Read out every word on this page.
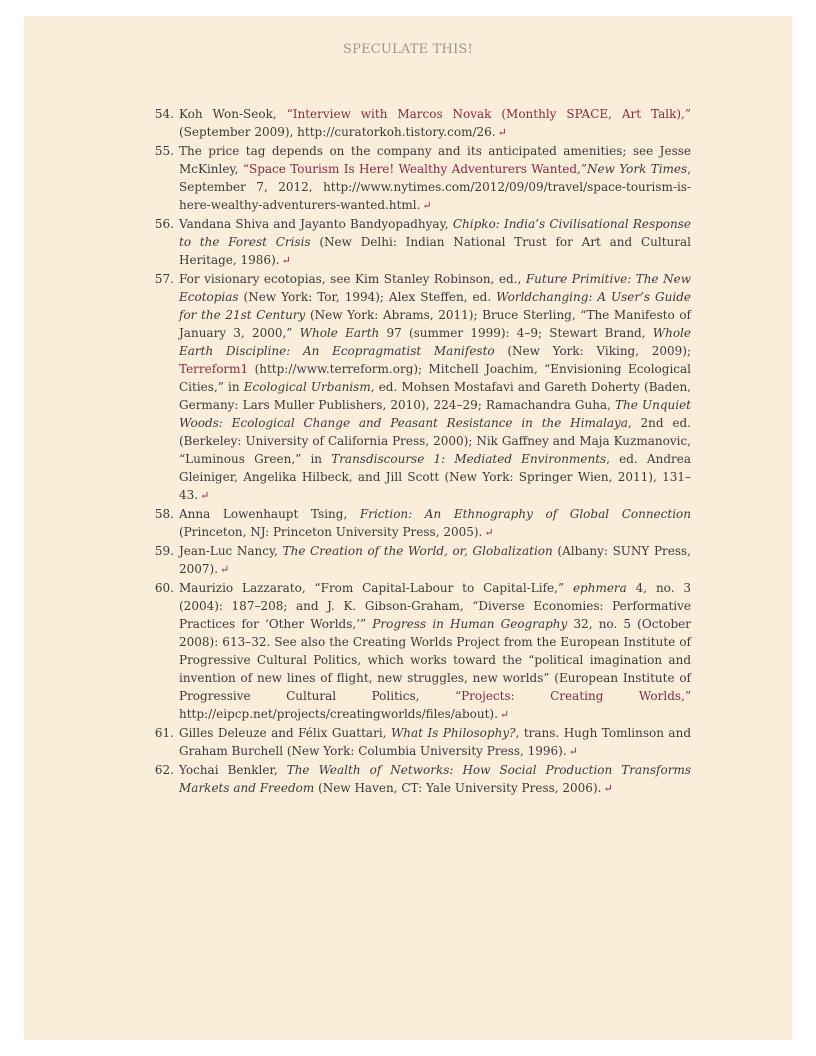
SPECULATE THIS!
54. Koh Won-Seok, “Interview with Marcos Novak (Monthly SPACE, Art Talk),” (September 2009), http://curatorkoh.tistory.com/26. ↵
55. The price tag depends on the company and its anticipated amenities; see Jesse McKinley, “Space Tourism Is Here! Wealthy Adventurers Wanted,”New York Times, September 7, 2012, http://www.nytimes.com/2012/09/09/travel/space-tourism-is-here-wealthy-adventurers-wanted.html. ↵
56. Vandana Shiva and Jayanto Bandyopadhyay, Chipko: India’s Civilisational Response to the Forest Crisis (New Delhi: Indian National Trust for Art and Cultural Heritage, 1986). ↵
57. For visionary ecotopias, see Kim Stanley Robinson, ed., Future Primitive: The New Ecotopias (New York: Tor, 1994); Alex Steffen, ed. Worldchanging: A User’s Guide for the 21st Century (New York: Abrams, 2011); Bruce Sterling, “The Manifesto of January 3, 2000,” Whole Earth 97 (summer 1999): 4–9; Stewart Brand, Whole Earth Discipline: An Ecopragmatist Manifesto (New York: Viking, 2009); Terreform1 (http://www.terreform.org); Mitchell Joachim, “Envisioning Ecological Cities,” in Ecological Urbanism, ed. Mohsen Mostafavi and Gareth Doherty (Baden, Germany: Lars Muller Publishers, 2010), 224–29; Ramachandra Guha, The Unquiet Woods: Ecological Change and Peasant Resistance in the Himalaya, 2nd ed. (Berkeley: University of California Press, 2000); Nik Gaffney and Maja Kuzmanovic, “Luminous Green,” in Transdiscourse 1: Mediated Environments, ed. Andrea Gleiniger, Angelika Hilbeck, and Jill Scott (New York: Springer Wien, 2011), 131–43. ↵
58. Anna Lowenhaupt Tsing, Friction: An Ethnography of Global Connection (Princeton, NJ: Princeton University Press, 2005). ↵
59. Jean-Luc Nancy, The Creation of the World, or, Globalization (Albany: SUNY Press, 2007). ↵
60. Maurizio Lazzarato, “From Capital-Labour to Capital-Life,” ephmera 4, no. 3 (2004): 187–208; and J. K. Gibson-Graham, “Diverse Economies: Performative Practices for ‘Other Worlds,’” Progress in Human Geography 32, no. 5 (October 2008): 613–32. See also the Creating Worlds Project from the European Institute of Progressive Cultural Politics, which works toward the “political imagination and invention of new lines of flight, new struggles, new worlds” (European Institute of Progressive Cultural Politics, “Projects: Creating Worlds,” http://eipcp.net/projects/creatingworlds/files/about). ↵
61. Gilles Deleuze and Félix Guattari, What Is Philosophy?, trans. Hugh Tomlinson and Graham Burchell (New York: Columbia University Press, 1996). ↵
62. Yochai Benkler, The Wealth of Networks: How Social Production Transforms Markets and Freedom (New Haven, CT: Yale University Press, 2006). ↵
